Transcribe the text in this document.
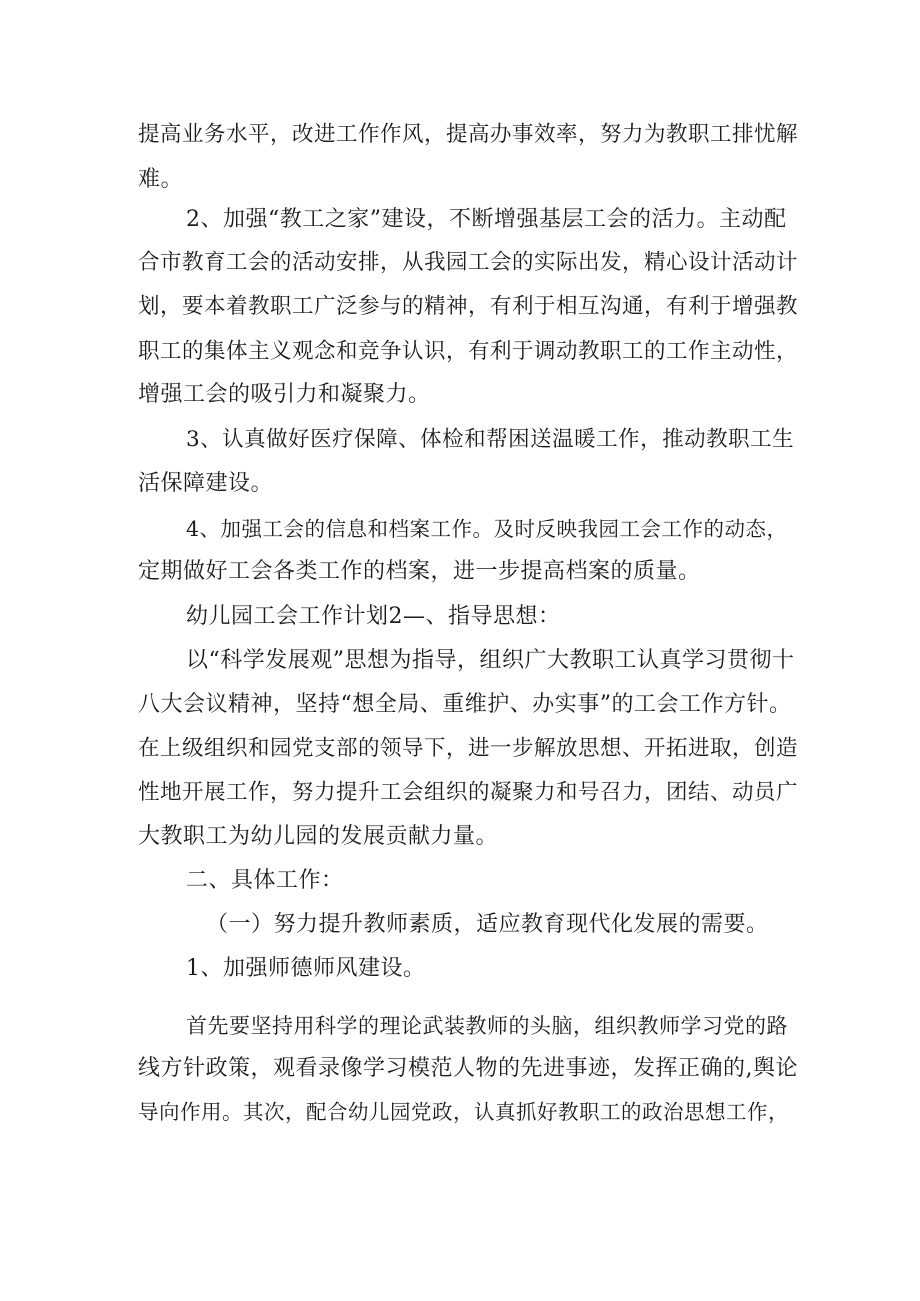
提高业务水平，改进工作作风，提高办事效率，努力为教职工排忧解
难。
2、加强“教工之家”建设，不断增强基层工会的活力。主动配
合市教育工会的活动安排，从我园工会的实际出发，精心设计活动计
划，要本着教职工广泛参与的精神，有利于相互沟通，有利于增强教
职工的集体主义观念和竞争认识，有利于调动教职工的工作主动性，
增强工会的吸引力和凝聚力。
3、认真做好医疗保障、体检和帮困送温暖工作，推动教职工生
活保障建设。
4、加强工会的信息和档案工作。及时反映我园工会工作的动态，
定期做好工会各类工作的档案，进一步提高档案的质量。
幼儿园工会工作计划2—、指导思想：
以“科学发展观”思想为指导，组织广大教职工认真学习贯彻十
八大会议精神，坚持“想全局、重维护、办实事”的工会工作方针。
在上级组织和园党支部的领导下，进一步解放思想、开拓进取，创造
性地开展工作，努力提升工会组织的凝聚力和号召力，团结、动员广
大教职工为幼儿园的发展贡献力量。
二、具体工作：
（一）努力提升教师素质，适应教育现代化发展的需要。
1、加强师德师风建设。
首先要坚持用科学的理论武装教师的头脑，组织教师学习党的路
线方针政策，观看录像学习模范人物的先进事迹，发挥正确的,舆论
导向作用。其次，配合幼儿园党政，认真抓好教职工的政治思想工作，
